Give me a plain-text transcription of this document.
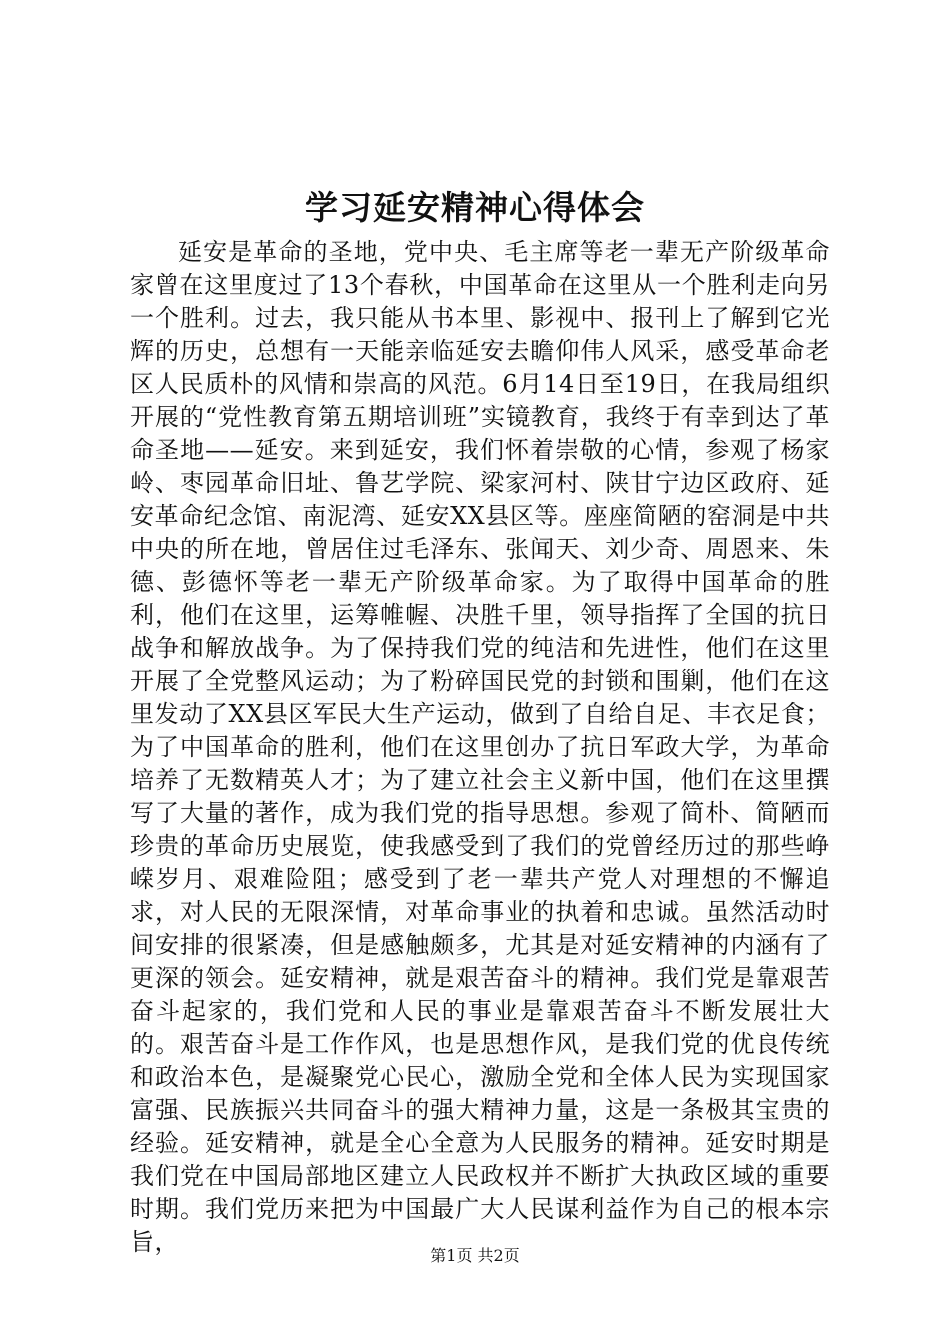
学习延安精神心得体会

延安是革命的圣地，党中央、毛主席等老一辈无产阶级革命家曾在这里度过了13个春秋，中国革命在这里从一个胜利走向另一个胜利。过去，我只能从书本里、影视中、报刊上了解到它光辉的历史，总想有一天能亲临延安去瞻仰伟人风采，感受革命老区人民质朴的风情和崇高的风范。6月14日至19日，在我局组织开展的“党性教育第五期培训班”实镜教育，我终于有幸到达了革命圣地——延安。来到延安，我们怀着崇敬的心情，参观了杨家岭、枣园革命旧址、鲁艺学院、梁家河村、陕甘宁边区政府、延安革命纪念馆、南泥湾、延安XX县区等。座座简陋的窑洞是中共中央的所在地，曾居住过毛泽东、张闻天、刘少奇、周恩来、朱德、彭德怀等老一辈无产阶级革命家。为了取得中国革命的胜利，他们在这里，运筹帷幄、决胜千里，领导指挥了全国的抗日战争和解放战争。为了保持我们党的纯洁和先进性，他们在这里开展了全党整风运动；为了粉碎国民党的封锁和围剿，他们在这里发动了XX县区军民大生产运动，做到了自给自足、丰衣足食；为了中国革命的胜利，他们在这里创办了抗日军政大学，为革命培养了无数精英人才；为了建立社会主义新中国，他们在这里撰写了大量的著作，成为我们党的指导思想。参观了简朴、简陋而珍贵的革命历史展览，使我感受到了我们的党曾经历过的那些峥嵘岁月、艰难险阻；感受到了老一辈共产党人对理想的不懈追求，对人民的无限深情，对革命事业的执着和忠诚。虽然活动时间安排的很紧凑，但是感触颇多，尤其是对延安精神的内涵有了更深的领会。延安精神，就是艰苦奋斗的精神。我们党是靠艰苦奋斗起家的，我们党和人民的事业是靠艰苦奋斗不断发展壮大的。艰苦奋斗是工作作风，也是思想作风，是我们党的优良传统和政治本色，是凝聚党心民心，激励全党和全体人民为实现国家富强、民族振兴共同奋斗的强大精神力量，这是一条极其宝贵的经验。延安精神，就是全心全意为人民服务的精神。延安时期是我们党在中国局部地区建立人民政权并不断扩大执政区域的重要时期。我们党历来把为中国最广大人民谋利益作为自己的根本宗旨，	第1页 共2页
